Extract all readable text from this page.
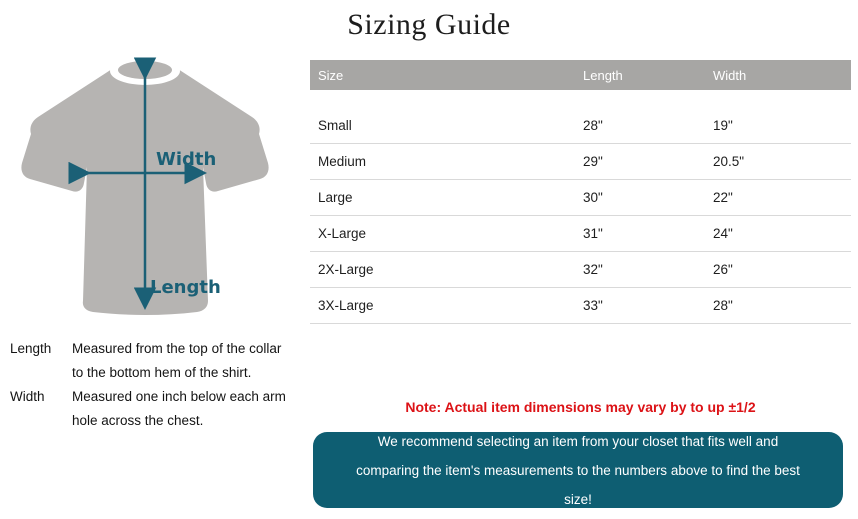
Sizing Guide
Width
Length
Length	Measured from the top of the collar to the bottom hem of the shirt.
Width	Measured one inch below each arm hole across the chest.
Size	Length	Width
Small	28"	19"
Medium	29"	20.5"
Large	30"	22"
X-Large	31"	24"
2X-Large	32"	26"
3X-Large	33"	28"
Note: Actual item dimensions may vary by to up ±1/2
We recommend selecting an item from your closet that fits well and comparing the item's measurements to the numbers above to find the best size!
